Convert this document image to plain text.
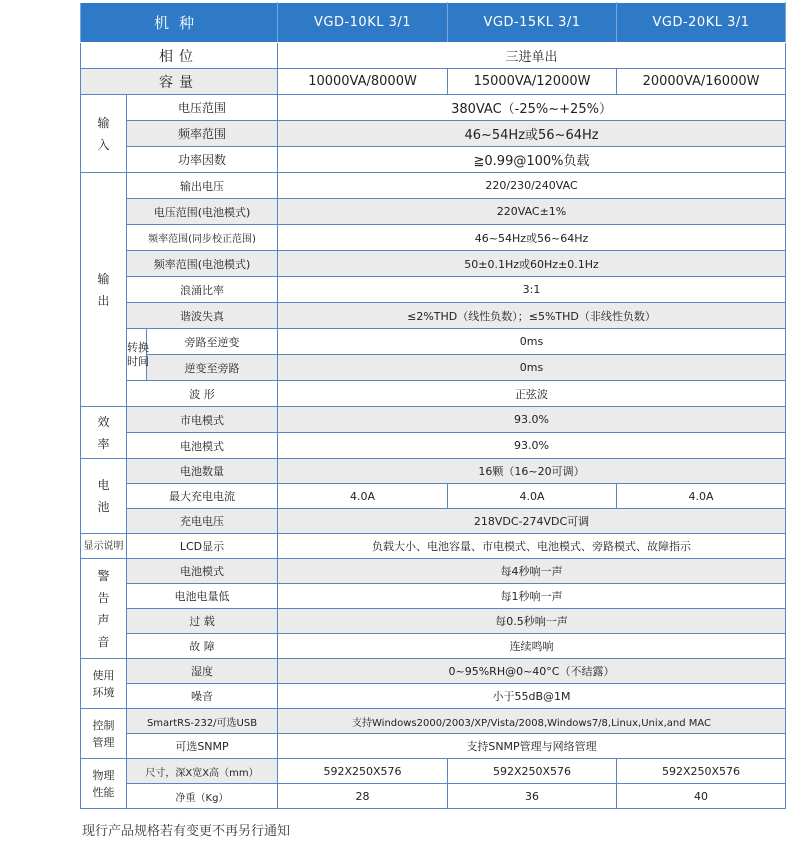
机种			VGD-10KL 3/1	VGD-15KL 3/1	VGD-20KL 3/1
相位			三进单出		
容量			10000VA/8000W	15000VA/12000W	20000VA/16000W
输入	电压范围		380VAC（-25%~+25%）		
	频率范围		46~54Hz或56~64Hz		
	功率因数		≧0.99@100%负载		
输出	输出电压		220/230/240VAC		
	电压范围(电池模式)		220VAC±1%		
	频率范围(同步校正范围)		46~54Hz或56~64Hz		
	频率范围(电池模式)		50±0.1Hz或60Hz±0.1Hz		
	浪涌比率		3:1		
	谐波失真		≤2%THD（线性负数）；≤5%THD（非线性负数）		
	转换时间	旁路至逆变	0ms		
		逆变至旁路	0ms		
	波 形		正弦波		
效率	市电模式		93.0%		
	电池模式		93.0%		
电池	电池数量		16颗（16~20可调）		
	最大充电电流		4.0A	4.0A	4.0A
	充电电压		218VDC-274VDC可调		
显示说明	LCD显示		负载大小、电池容量、市电模式、电池模式、旁路模式、故障指示		
警告声音	电池模式		每4秒响一声		
	电池电量低		每1秒响一声		
	过 载		每0.5秒响一声		
	故 障		连续鸣响		
使用环境	湿度		0~95%RH@0~40°C（不结露）		
	噪音		小于55dB@1M		
控制管理	SmartRS-232/可选USB		支持Windows2000/2003/XP/Vista/2008,Windows7/8,Linux,Unix,and MAC		
	可选SNMP		支持SNMP管理与网络管理		
物理性能	尺寸，深X宽X高（mm）		592X250X576	592X250X576	592X250X576
	净重（Kg）		28	36	40
现行产品规格若有变更不再另行通知
